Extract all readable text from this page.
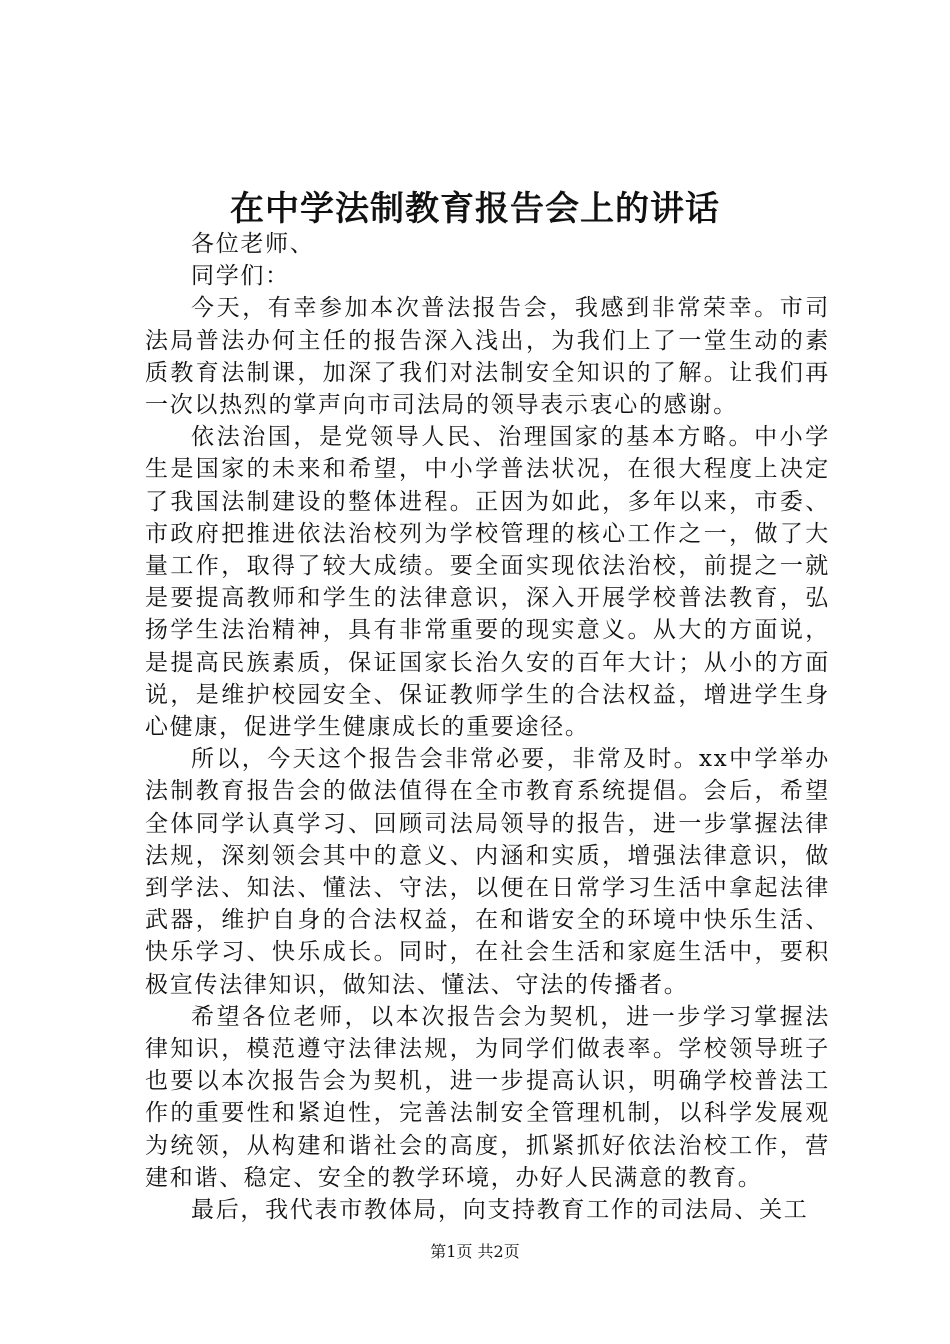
在中学法制教育报告会上的讲话

各位老师、

同学们：

今天，有幸参加本次普法报告会，我感到非常荣幸。市司法局普法办何主任的报告深入浅出，为我们上了一堂生动的素质教育法制课，加深了我们对法制安全知识的了解。让我们再一次以热烈的掌声向市司法局的领导表示衷心的感谢。

依法治国，是党领导人民、治理国家的基本方略。中小学生是国家的未来和希望，中小学普法状况，在很大程度上决定了我国法制建设的整体进程。正因为如此，多年以来，市委、市政府把推进依法治校列为学校管理的核心工作之一，做了大量工作，取得了较大成绩。要全面实现依法治校，前提之一就是要提高教师和学生的法律意识，深入开展学校普法教育，弘扬学生法治精神，具有非常重要的现实意义。从大的方面说，是提高民族素质，保证国家长治久安的百年大计；从小的方面说，是维护校园安全、保证教师学生的合法权益，增进学生身心健康，促进学生健康成长的重要途径。

所以，今天这个报告会非常必要，非常及时。xx中学举办法制教育报告会的做法值得在全市教育系统提倡。会后，希望全体同学认真学习、回顾司法局领导的报告，进一步掌握法律法规，深刻领会其中的意义、内涵和实质，增强法律意识，做到学法、知法、懂法、守法，以便在日常学习生活中拿起法律武器，维护自身的合法权益，在和谐安全的环境中快乐生活、快乐学习、快乐成长。同时，在社会生活和家庭生活中，要积极宣传法律知识，做知法、懂法、守法的传播者。

希望各位老师，以本次报告会为契机，进一步学习掌握法律知识，模范遵守法律法规，为同学们做表率。学校领导班子也要以本次报告会为契机，进一步提高认识，明确学校普法工作的重要性和紧迫性，完善法制安全管理机制，以科学发展观为统领，从构建和谐社会的高度，抓紧抓好依法治校工作，营建和谐、稳定、安全的教学环境，办好人民满意的教育。

最后，我代表市教体局，向支持教育工作的司法局、关工

第1页 共2页
